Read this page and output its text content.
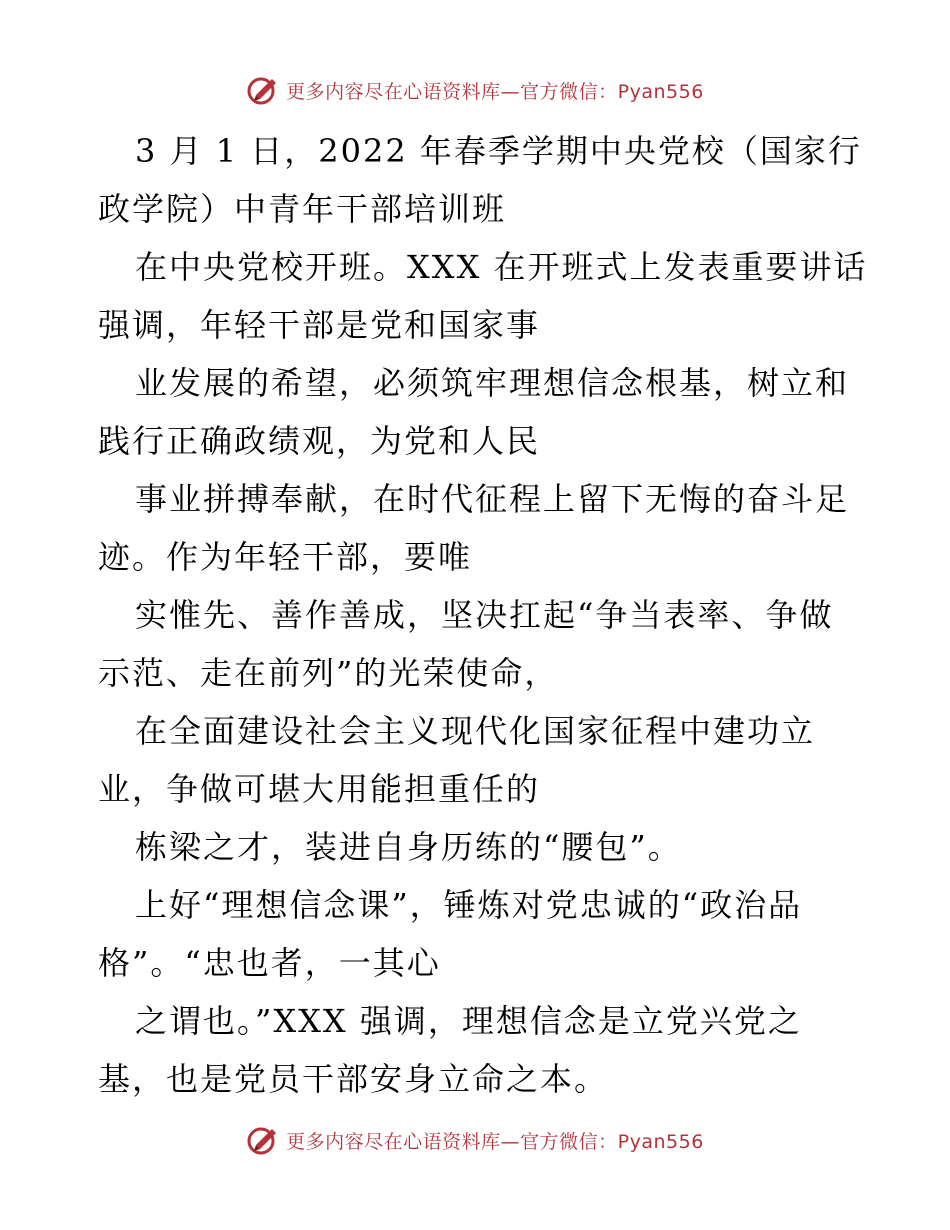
更多内容尽在心语资料库—官方微信：Pyan556
3 月 1 日，2022 年春季学期中央党校（国家行
政学院）中青年干部培训班
在中央党校开班。XXX 在开班式上发表重要讲话
强调，年轻干部是党和国家事
业发展的希望，必须筑牢理想信念根基，树立和
践行正确政绩观，为党和人民
事业拼搏奉献，在时代征程上留下无悔的奋斗足
迹。作为年轻干部，要唯
实惟先、善作善成，坚决扛起“争当表率、争做
示范、走在前列”的光荣使命，
在全面建设社会主义现代化国家征程中建功立
业，争做可堪大用能担重任的
栋梁之才，装进自身历练的“腰包”。
上好“理想信念课”，锤炼对党忠诚的“政治品
格”。“忠也者，一其心
之谓也。”XXX 强调，理想信念是立党兴党之
基，也是党员干部安身立命之本。
更多内容尽在心语资料库—官方微信：Pyan556
